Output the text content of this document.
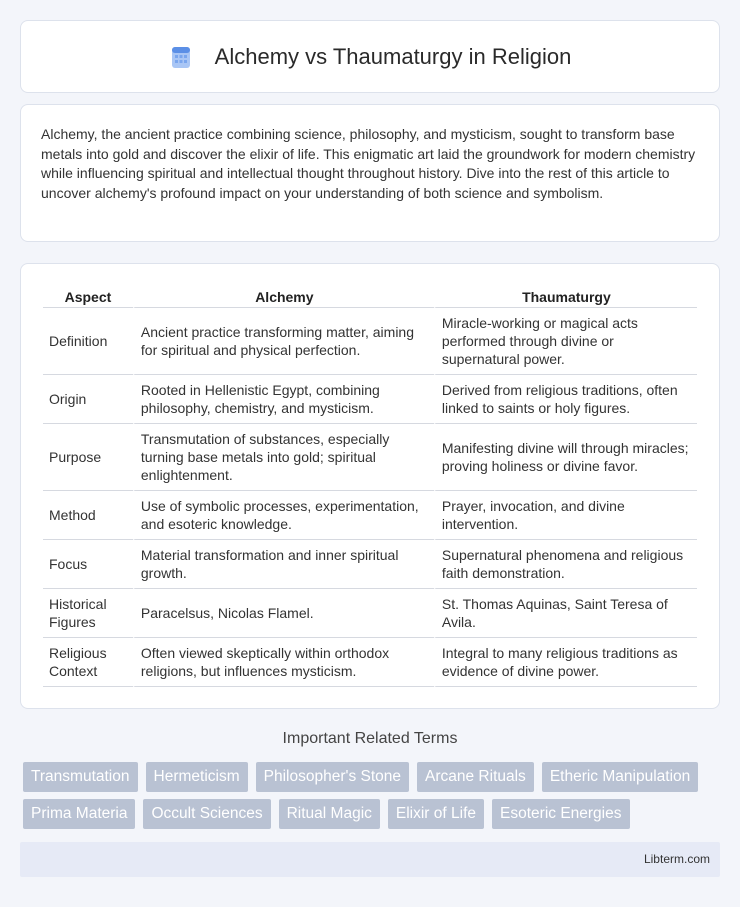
Alchemy vs Thaumaturgy in Religion

Alchemy, the ancient practice combining science, philosophy, and mysticism, sought to transform base metals into gold and discover the elixir of life. This enigmatic art laid the groundwork for modern chemistry while influencing spiritual and intellectual thought throughout history. Dive into the rest of this article to uncover alchemy's profound impact on your understanding of both science and symbolism.

Aspect	Alchemy	Thaumaturgy
Definition	Ancient practice transforming matter, aiming for spiritual and physical perfection.	Miracle-working or magical acts performed through divine or supernatural power.
Origin	Rooted in Hellenistic Egypt, combining philosophy, chemistry, and mysticism.	Derived from religious traditions, often linked to saints or holy figures.
Purpose	Transmutation of substances, especially turning base metals into gold; spiritual enlightenment.	Manifesting divine will through miracles; proving holiness or divine favor.
Method	Use of symbolic processes, experimentation, and esoteric knowledge.	Prayer, invocation, and divine intervention.
Focus	Material transformation and inner spiritual growth.	Supernatural phenomena and religious faith demonstration.
Historical Figures	Paracelsus, Nicolas Flamel.	St. Thomas Aquinas, Saint Teresa of Avila.
Religious Context	Often viewed skeptically within orthodox religions, but influences mysticism.	Integral to many religious traditions as evidence of divine power.
Important Related Terms
Transmutation	Hermeticism	Philosopher's Stone	Arcane Rituals	Etheric Manipulation
Prima Materia	Occult Sciences	Ritual Magic	Elixir of Life	Esoteric Energies
Libterm.com
